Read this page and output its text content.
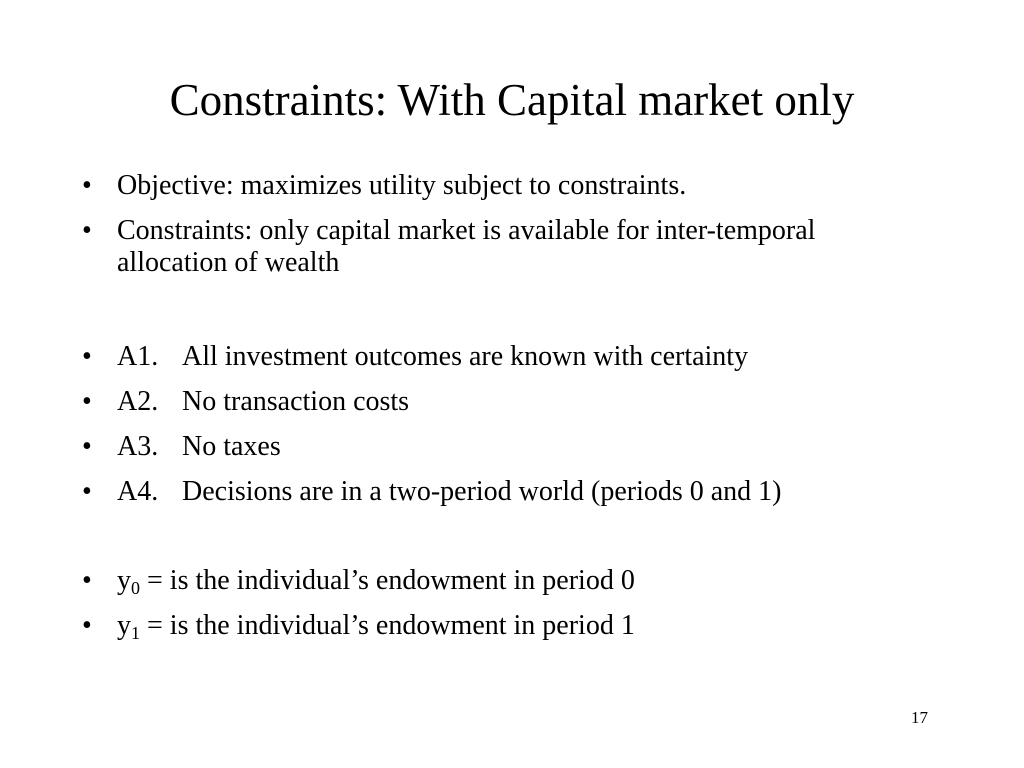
Constraints: With Capital market only
• Objective: maximizes utility subject to constraints.
• Constraints: only capital market is available for inter-temporal allocation of wealth
• A1. All investment outcomes are known with certainty
• A2. No transaction costs
• A3. No taxes
• A4. Decisions are in a two-period world (periods 0 and 1)
• $y_0$ = is the individual’s endowment in period 0
• $y_1$ = is the individual’s endowment in period 1
17
